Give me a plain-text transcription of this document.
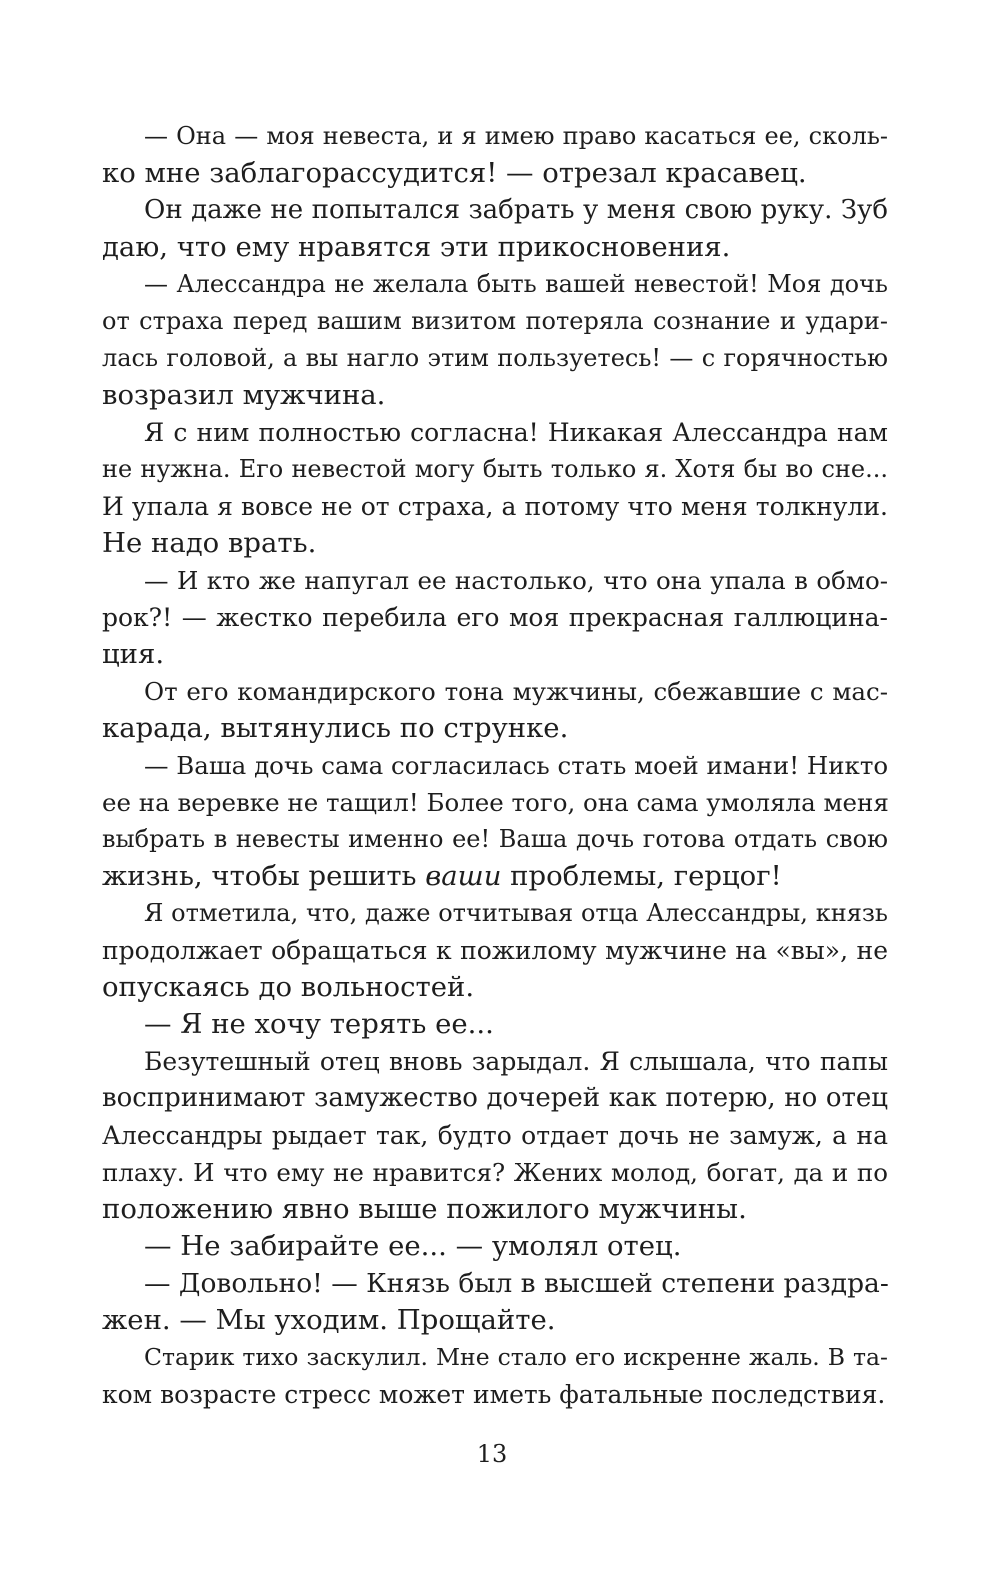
— Она — моя невеста, и я имею право касаться ее, сколь-
ко мне заблагорассудится! — отрезал красавец.
Он даже не попытался забрать у меня свою руку. Зуб
даю, что ему нравятся эти прикосновения.
— Алессандра не желала быть вашей невестой! Моя дочь
от страха перед вашим визитом потеряла сознание и удари-
лась головой, а вы нагло этим пользуетесь! — с горячностью
возразил мужчина.
Я с ним полностью согласна! Никакая Алессандра нам
не нужна. Его невестой могу быть только я. Хотя бы во сне...
И упала я вовсе не от страха, а потому что меня толкнули.
Не надо врать.
— И кто же напугал ее настолько, что она упала в обмо-
рок?! — жестко перебила его моя прекрасная галлюцина-
ция.
От его командирского тона мужчины, сбежавшие с мас-
карада, вытянулись по струнке.
— Ваша дочь сама согласилась стать моей имани! Никто
ее на веревке не тащил! Более того, она сама умоляла меня
выбрать в невесты именно ее! Ваша дочь готова отдать свою
жизнь, чтобы решить ваши проблемы, герцог!
Я отметила, что, даже отчитывая отца Алессандры, князь
продолжает обращаться к пожилому мужчине на «вы», не
опускаясь до вольностей.
— Я не хочу терять ее...
Безутешный отец вновь зарыдал. Я слышала, что папы
воспринимают замужество дочерей как потерю, но отец
Алессандры рыдает так, будто отдает дочь не замуж, а на
плаху. И что ему не нравится? Жених молод, богат, да и по
положению явно выше пожилого мужчины.
— Не забирайте ее... — умолял отец.
— Довольно! — Князь был в высшей степени раздра-
жен. — Мы уходим. Прощайте.
Старик тихо заскулил. Мне стало его искренне жаль. В та-
ком возрасте стресс может иметь фатальные последствия.
13
